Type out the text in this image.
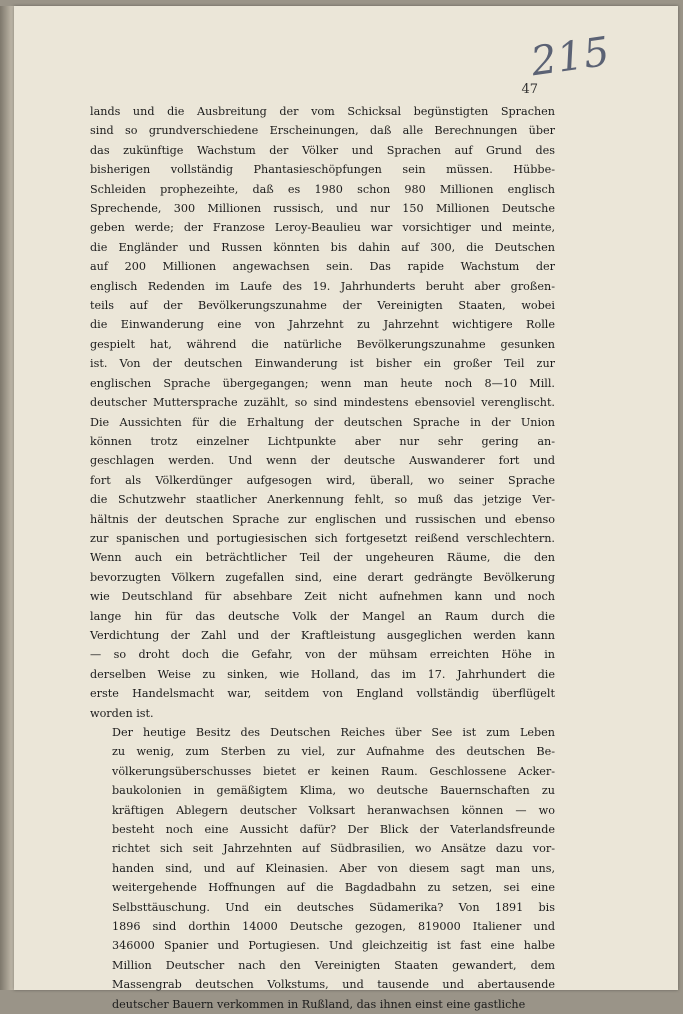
215
47

lands und die Ausbreitung der vom Schicksal begünstigten Sprachen
sind so grundverschiedene Erscheinungen, daß alle Berechnungen über
das zukünftige Wachstum der Völker und Sprachen auf Grund des
bisherigen vollständig Phantasieschöpfungen sein müssen. Hübbe-
Schleiden prophezeihte, daß es 1980 schon 980 Millionen englisch
Sprechende, 300 Millionen russisch, und nur 150 Millionen Deutsche
geben werde; der Franzose Leroy-Beaulieu war vorsichtiger und meinte,
die Engländer und Russen könnten bis dahin auf 300, die Deutschen
auf 200 Millionen angewachsen sein. Das rapide Wachstum der
englisch Redenden im Laufe des 19. Jahrhunderts beruht aber großen-
teils auf der Bevölkerungszunahme der Vereinigten Staaten, wobei
die Einwanderung eine von Jahrzehnt zu Jahrzehnt wichtigere Rolle
gespielt hat, während die natürliche Bevölkerungszunahme gesunken
ist. Von der deutschen Einwanderung ist bisher ein großer Teil zur
englischen Sprache übergegangen; wenn man heute noch 8—10 Mill.
deutscher Muttersprache zuzählt, so sind mindestens ebensoviel verenglischt.
Die Aussichten für die Erhaltung der deutschen Sprache in der Union
können trotz einzelner Lichtpunkte aber nur sehr gering an-
geschlagen werden. Und wenn der deutsche Auswanderer fort und
fort als Völkerdünger aufgesogen wird, überall, wo seiner Sprache
die Schutzwehr staatlicher Anerkennung fehlt, so muß das jetzige Ver-
hältnis der deutschen Sprache zur englischen und russischen und ebenso
zur spanischen und portugiesischen sich fortgesetzt reißend verschlechtern.
Wenn auch ein beträchtlicher Teil der ungeheuren Räume, die den
bevorzugten Völkern zugefallen sind, eine derart gedrängte Bevölkerung
wie Deutschland für absehbare Zeit nicht aufnehmen kann und noch
lange hin für das deutsche Volk der Mangel an Raum durch die
Verdichtung der Zahl und der Kraftleistung ausgeglichen werden kann
— so droht doch die Gefahr, von der mühsam erreichten Höhe in
derselben Weise zu sinken, wie Holland, das im 17. Jahrhundert die
erste Handelsmacht war, seitdem von England vollständig überflügelt
worden ist.

Der heutige Besitz des Deutschen Reiches über See ist zum Leben
zu wenig, zum Sterben zu viel, zur Aufnahme des deutschen Be-
völkerungsüberschusses bietet er keinen Raum. Geschlossene Acker-
baukolonien in gemäßigtem Klima, wo deutsche Bauernschaften zu
kräftigen Ablegern deutscher Volksart heranwachsen können — wo
besteht noch eine Aussicht dafür? Der Blick der Vaterlandsfreunde
richtet sich seit Jahrzehnten auf Südbrasilien, wo Ansätze dazu vor-
handen sind, und auf Kleinasien. Aber von diesem sagt man uns,
weitergehende Hoffnungen auf die Bagdadbahn zu setzen, sei eine
Selbsttäuschung. Und ein deutsches Südamerika? Von 1891 bis
1896 sind dorthin 14000 Deutsche gezogen, 819000 Italiener und
346000 Spanier und Portugiesen. Und gleichzeitig ist fast eine halbe
Million Deutscher nach den Vereinigten Staaten gewandert, dem
Massengrab deutschen Volkstums, und tausende und abertausende
deutscher Bauern verkommen in Rußland, das ihnen einst eine gastliche
